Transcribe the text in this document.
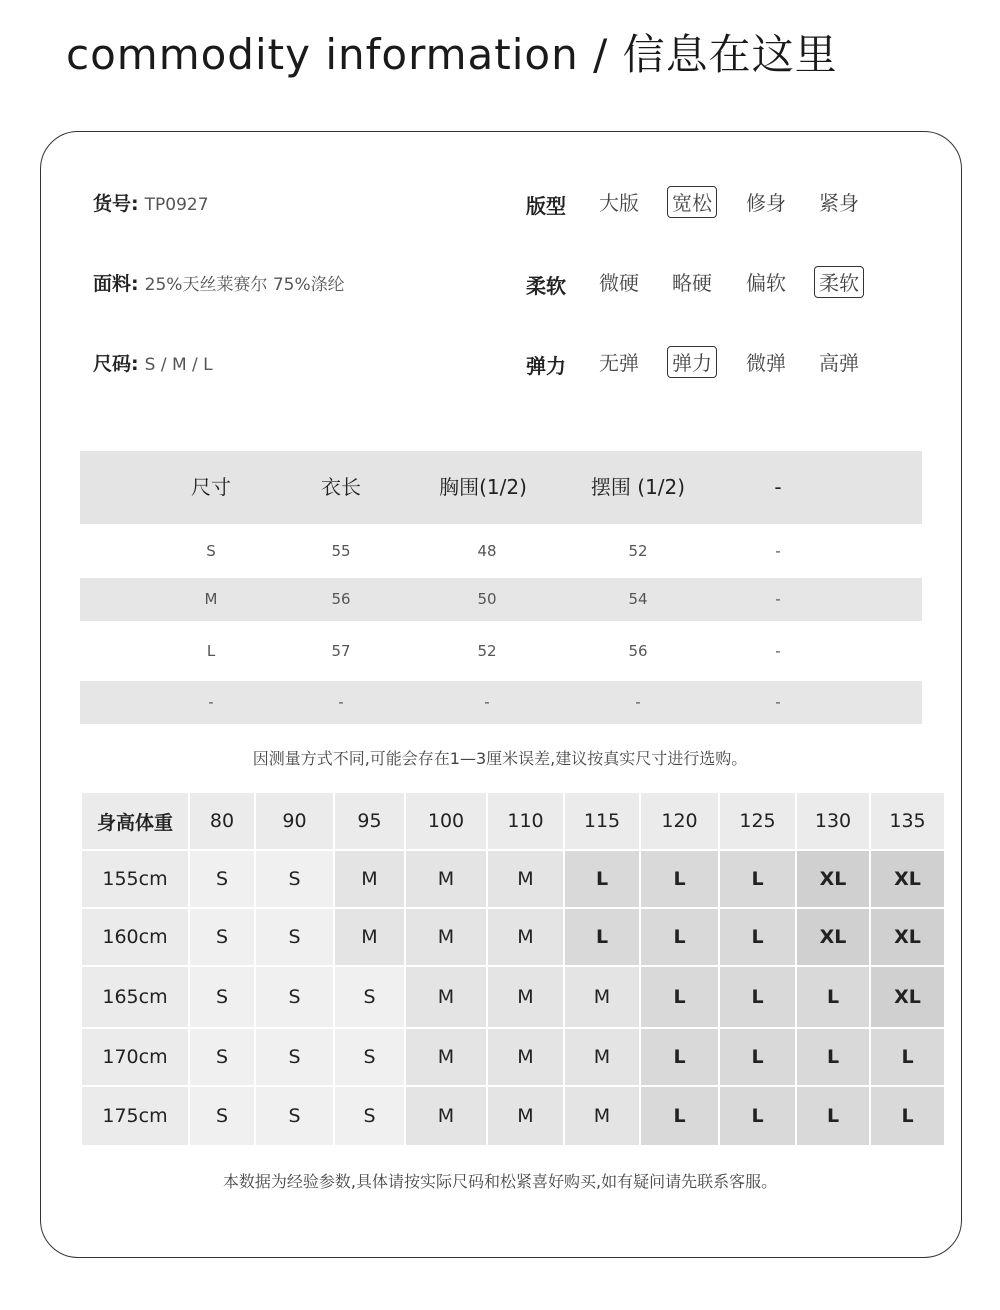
commodity information / 信息在这里
货号: TP0927
面料: 25%天丝莱赛尔 75%涤纶
尺码: S / M / L
版型 大版 宽松 修身 紧身
柔软 微硬 略硬 偏软 柔软
弹力 无弹 弹力 微弹 高弹
尺寸	衣长	胸围(1/2)	摆围 (1/2)	-
S	55	48	52	-
M	56	50	54	-
L	57	52	56	-
-	-	-	-	-
因测量方式不同,可能会存在1—3厘米误差,建议按真实尺寸进行选购。
身高体重	80	90	95	100	110	115	120	125	130	135
155cm	S	S	M	M	M	L	L	L	XL	XL
160cm	S	S	M	M	M	L	L	L	XL	XL
165cm	S	S	S	M	M	M	L	L	L	XL
170cm	S	S	S	M	M	M	L	L	L	L
175cm	S	S	S	M	M	M	L	L	L	L
本数据为经验参数,具体请按实际尺码和松紧喜好购买,如有疑问请先联系客服。
